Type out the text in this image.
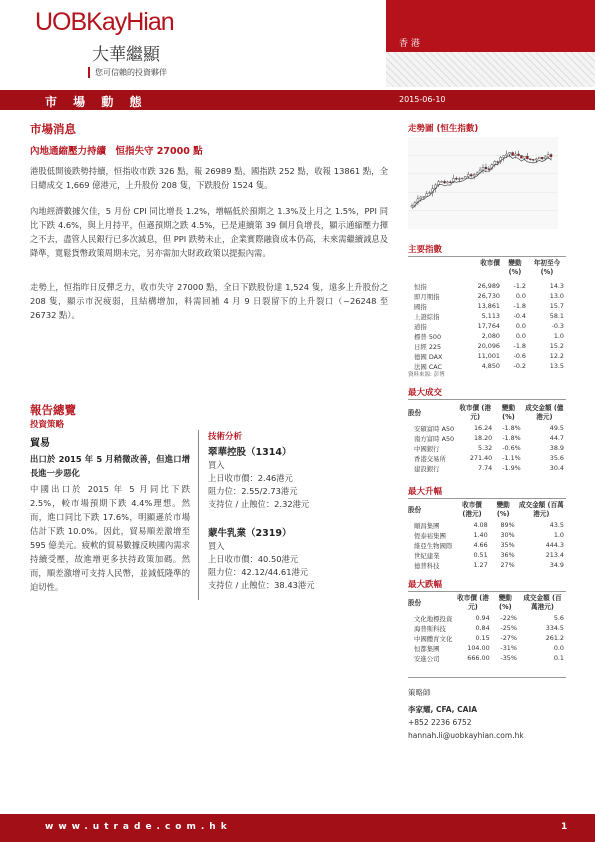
UOBKayHian
大華繼顯
您可信賴的投資夥伴
香 港
市 場 動 態	2015-06-10
市場消息
內地通縮壓力持續　恒指失守 27000 點
港股低開後跌勢持續，恒指收市跌 326 點，報 26989 點，國指跌 252 點，收報 13861 點，全日總成交 1,669 億港元，上升股份 208 隻，下跌股份 1524 隻。
內地經濟數據欠佳，5 月份 CPI 同比增長 1.2%，增幅低於預期之 1.3%及上月之 1.5%，PPI 同比下跌 4.6%，與上月持平，但遜預期之跌 4.5%，已是連續第 39 個月負增長，顯示通縮壓力揮之不去，盡管人民銀行已多次減息，但 PPI 跌勢未止，企業實際融資成本仍高，未來需繼續減息及降準，寬鬆貨幣政策周期未完，另亦需加大財政政策以提振內需。
走勢上，恒指昨日反彈乏力，收市失守 27000 點，全日下跌股份達 1,524 隻，遠多上升股份之 208 隻，顯示市況疲弱，且結構增加，料需回補 4 月 9 日裂留下的上升裂口（~26248 至 26732 點）。
報告總覽
投資策略
貿易
出口於 2015 年 5 月稍微改善，但進口增長進一步惡化
中國出口於 2015 年 5 月同比下跌 2.5%，較市場預期下跌 4.4%理想。然而，進口同比下跌 17.6%，明顯遜於市場估計下跌 10.0%。因此，貿易順差激增至 595 億美元。疲軟的貿易數據反映國內需求持續受壓，故進增更多扶持政策加碼。然而，順差激增可支持人民幣，並減低隆準的迫切性。
技術分析
翠華控股（1314）
買入
上日收市價：2.46港元
阻力位：2.55/2.73港元
支持位 / 止蝕位：2.32港元
蒙牛乳業（2319）
買入
上日收市價：40.50港元
阻力位：42.12/44.61港元
支持位 / 止蝕位：38.43港元
走勢圖 (恒生指數)
主要指數
	收市價	變動 (%)	年初至今 (%)
恒指	26,989	-1.2	14.3
即月期指	26,730	0.0	13.0
國指	13,861	-1.8	15.7
上證綜指	5,113	-0.4	58.1
道指	17,764	0.0	-0.3
標普 500	2,080	0.0	1.0
日經 225	20,096	-1.8	15.2
德國 DAX	11,001	-0.6	12.2
法國 CAC	4,850	-0.2	13.5
資料來源: 彭博
最大成交
股份	收市價 (港元)	變動 (%)	成交金額 (億港元)
安碩富時 A50	16.24	-1.8%	49.5
南方富時 A50	18.20	-1.8%	44.7
中國銀行	5.32	-0.6%	38.9
香港交易所	271.40	-1.1%	35.6
建設銀行	7.74	-1.9%	30.4
最大升幅
股份	收市價 (港元)	變動 (%)	成交金額 (百萬港元)
順昌集團	4.08	89%	43.5
恆泰裕集團	1.40	30%	1.0
維亞生物國際	4.66	35%	444.3
世紀建業	0.51	36%	213.4
德普科技	1.27	27%	34.9
最大跌幅
股份	收市價 (港元)	變動 (%)	成交金額 (百萬港元)
文化地標投資	0.94	-22%	5.6
海普斯科技	0.84	-25%	334.5
中國體育文化	0.15	-27%	261.2
恒都集團	104.00	-31%	0.0
安進公司	666.00	-35%	0.1
策略師
李家耀, CFA, CAIA
+852 2236 6752
hannah.li@uobkayhian.com.hk
www.utrade.com.hk	1
